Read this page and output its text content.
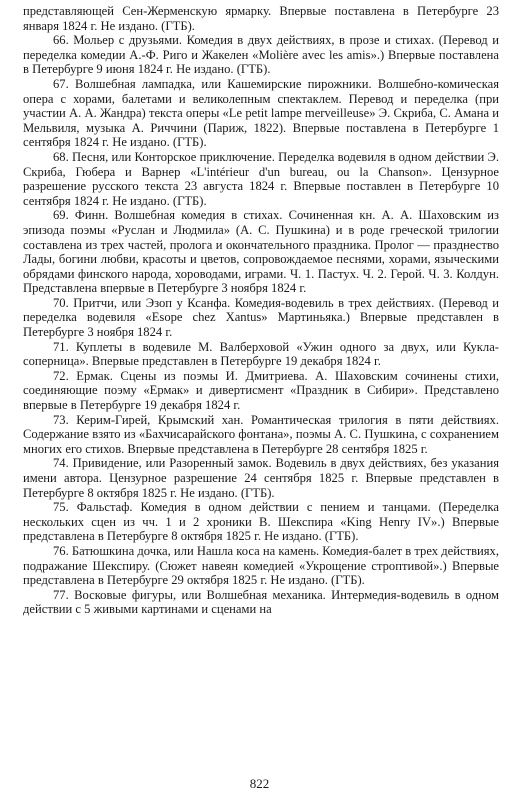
представляющей Сен-Жерменскую ярмарку. Впервые поставлена в Петербурге 23 января 1824 г. Не издано. (ГТБ).

66. Мольер с друзьями. Комедия в двух действиях, в прозе и стихах. (Перевод и переделка комедии А.-Ф. Риго и Жакелен «Molière avec les amis».) Впервые поставлена в Петербурге 9 июня 1824 г. Не издано. (ГТБ).

67. Волшебная лампадка, или Кашемирские пирожники. Волшебно-комическая опера с хорами, балетами и великолепным спектаклем. Перевод и переделка (при участии А. А. Жандра) текста оперы «Le petit lampe merveilleuse» Э. Скриба, С. Амана и Мельвиля, музыка А. Риччини (Париж, 1822). Впервые поставлена в Петербурге 1 сентября 1824 г. Не издано. (ГТБ).

68. Песня, или Конторское приключение. Переделка водевиля в одном действии Э. Скриба, Гюбера и Варнер «L'intérieur d'un bureau, ou la Chanson». Цензурное разрешение русского текста 23 августа 1824 г. Впервые поставлен в Петербурге 10 сентября 1824 г. Не издано. (ГТБ).

69. Финн. Волшебная комедия в стихах. Сочиненная кн. А. А. Шаховским из эпизода поэмы «Руслан и Людмила» (А. С. Пушкина) и в роде греческой трилогии составлена из трех частей, пролога и окончательного праздника. Пролог — празднество Лады, богини любви, красоты и цветов, сопровождаемое песнями, хорами, языческими обрядами финского народа, хороводами, играми. Ч. 1. Пастух. Ч. 2. Герой. Ч. 3. Колдун. Представлена впервые в Петербурге 3 ноября 1824 г.

70. Притчи, или Эзоп у Ксанфа. Комедия-водевиль в трех действиях. (Перевод и переделка водевиля «Esope chez Xantus» Мартиньяка.) Впервые представлен в Петербурге 3 ноября 1824 г.

71. Куплеты в водевиле М. Валберховой «Ужин одного за двух, или Кукла-соперница». Впервые представлен в Петербурге 19 декабря 1824 г.

72. Ермак. Сцены из поэмы И. Дмитриева. А. Шаховским сочинены стихи, соединяющие поэму «Ермак» и дивертисмент «Праздник в Сибири». Представлено впервые в Петербурге 19 декабря 1824 г.

73. Керим-Гирей, Крымский хан. Романтическая трилогия в пяти действиях. Содержание взято из «Бахчисарайского фонтана», поэмы А. С. Пушкина, с сохранением многих его стихов. Впервые представлена в Петербурге 28 сентября 1825 г.

74. Привидение, или Разоренный замок. Водевиль в двух действиях, без указания имени автора. Цензурное разрешение 24 сентября 1825 г. Впервые представлен в Петербурге 8 октября 1825 г. Не издано. (ГТБ).

75. Фальстаф. Комедия в одном действии с пением и танцами. (Переделка нескольких сцен из чч. 1 и 2 хроники В. Шекспира «King Henry IV».) Впервые представлена в Петербурге 8 октября 1825 г. Не издано. (ГТБ).

76. Батюшкина дочка, или Нашла коса на камень. Комедия-балет в трех действиях, подражание Шекспиру. (Сюжет навеян комедией «Укрощение строптивой».) Впервые представлена в Петербурге 29 октября 1825 г. Не издано. (ГТБ).

77. Восковые фигуры, или Волшебная механика. Интермедия-водевиль в одном действии с 5 живыми картинами и сценами на

822
